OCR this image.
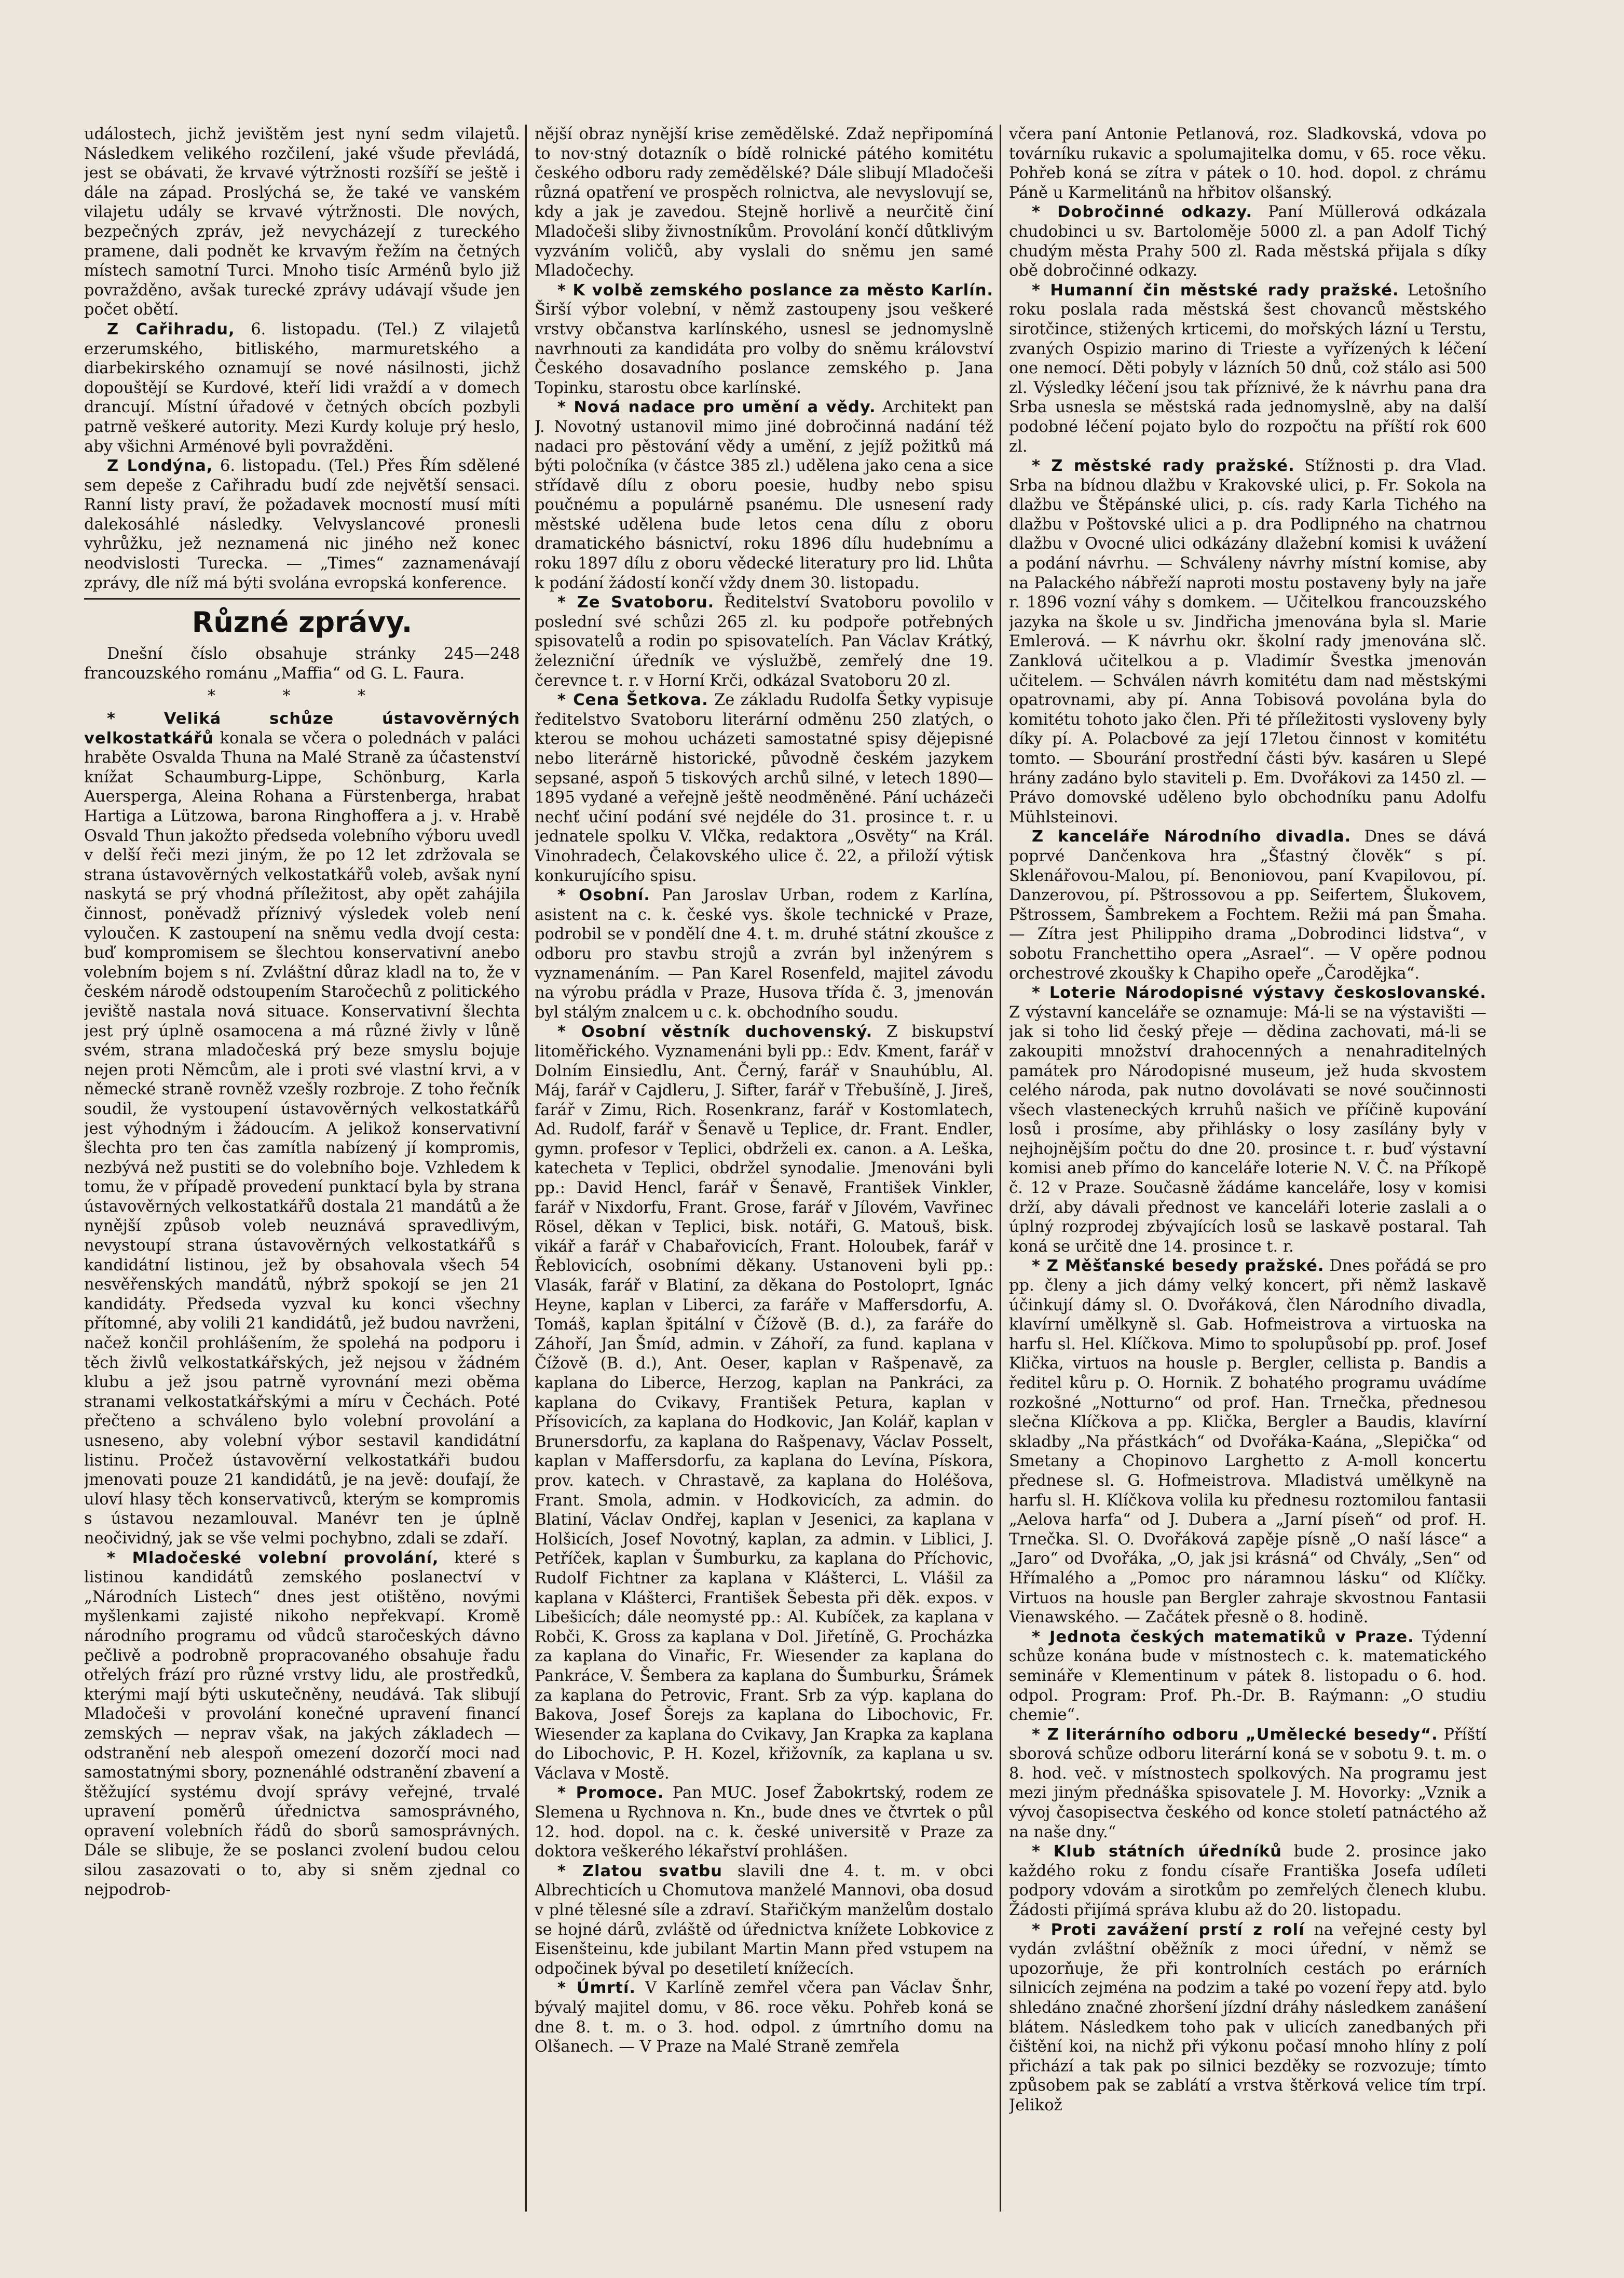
událostech, jichž jevištěm jest nyní sedm vilajetů. Následkem velikého rozčilení, jaké všude převládá, jest se obávati, že krvavé výtržnosti rozšíří se ještě i dále na západ. Proslýchá se, že také ve vanském vilajetu udály se krvavé výtržnosti. Dle nových, bezpečných zpráv, jež nevycházejí z tureckého pramene, dali podnět ke krvavým řežím na četných místech samotní Turci. Mnoho tisíc Arménů bylo již povražděno, avšak turecké zprávy udávají všude jen počet obětí.

Z Cařihradu, 6. listopadu. (Tel.) Z vilajetů erzerumského, bitliského, marmuretského a diarbekirského oznamují se nové násilnosti, jichž dopouštějí se Kurdové, kteří lidi vraždí a v domech drancují. Místní úřadové v četných obcích pozbyli patrně veškeré autority. Mezi Kurdy koluje prý heslo, aby všichni Arménové byli povražděni.

Z Londýna, 6. listopadu. (Tel.) Přes Řím sdělené sem depeše z Cařihradu budí zde největší sensaci. Ranní listy praví, že požadavek mocností musí míti dalekosáhlé následky. Velvyslancové pronesli vyhrůžku, jež neznamená nic jiného než konec neodvislosti Turecka. — „Times“ zaznamenávají zprávy, dle níž má býti svolána evropská konference.

Různé zprávy.

Dnešní číslo obsahuje stránky 245—248 francouzského románu „Maffia“ od G. L. Faura.

* * *

* Veliká schůze ústavověrných velkostatkářů konala se včera o polednách v paláci hraběte Osvalda Thuna na Malé Straně za účastenství knížat Schaumburg-Lippe, Schönburg, Karla Auersperga, Aleina Rohana a Fürstenberga, hrabat Hartiga a Lützowa, barona Ringhoffera a j. v. Hrabě Osvald Thun jakožto předseda volebního výboru uvedl v delší řeči mezi jiným, že po 12 let zdržovala se strana ústavověrných velkostatkářů voleb, avšak nyní naskytá se prý vhodná příležitost, aby opět zahájila činnost, poněvadž příznivý výsledek voleb není vyloučen. K zastoupení na sněmu vedla dvojí cesta: buď kompromisem se šlechtou konservativní anebo volebním bojem s ní. Zvláštní důraz kladl na to, že v českém národě odstoupením Staročechů z politického jeviště nastala nová situace. Konservativní šlechta jest prý úplně osamocena a má různé živly v lůně svém, strana mladočeská prý beze smyslu bojuje nejen proti Němcům, ale i proti své vlastní krvi, a v německé straně rovněž vzešly rozbroje. Z toho řečník soudil, že vystoupení ústavověrných velkostatkářů jest výhodným i žádoucím. A jelikož konservativní šlechta pro ten čas zamítla nabízený jí kompromis, nezbývá než pustiti se do volebního boje. Vzhledem k tomu, že v případě provedení punktací byla by strana ústavověrných velkostatkářů dostala 21 mandátů a že nynější způsob voleb neuznává spravedlivým, nevystoupí strana ústavověrných velkostatkářů s kandidátní listinou, jež by obsahovala všech 54 nesvěřenských mandátů, nýbrž spokojí se jen 21 kandidáty. Předseda vyzval ku konci všechny přítomné, aby volili 21 kandidátů, jež budou navrženi, načež končil prohlášením, že spolehá na podporu i těch živlů velkostatkářských, jež nejsou v žádném klubu a jež jsou patrně vyrovnání mezi oběma stranami velkostatkářskými a míru v Čechách. Poté přečteno a schváleno bylo volební provolání a usneseno, aby volební výbor sestavil kandidátní listinu. Pročež ústavověrní velkostatkáři budou jmenovati pouze 21 kandidátů, je na jevě: doufají, že uloví hlasy těch konservativců, kterým se kompromis s ústavou nezamlouval. Manévr ten je úplně neočividný, jak se vše velmi pochybno, zdali se zdaří.

* Mladočeské volební provolání, které s listinou kandidátů zemského poslanectví v „Národních Listech“ dnes jest otištěno, novými myšlenkami zajisté nikoho nepřekvapí. Kromě národního programu od vůdců staročeských dávno pečlivě a podrobně propracovaného obsahuje řadu otřelých frází pro různé vrstvy lidu, ale prostředků, kterými mají býti uskutečněny, neudává. Tak slibují Mladočeši v provolání konečné upravení financí zemských — neprav však, na jakých základech — odstranění neb alespoň omezení dozorčí moci nad samostatnými sbory, poznenáhlé odstranění zbavení a štěžující systému dvojí správy veřejné, trvalé upravení poměrů úřednictva samosprávného, opravení volebních řádů do sborů samosprávných. Dále se slibuje, že se poslanci zvolení budou celou silou zasazovati o to, aby si sněm zjednal co nejpodrob-

nější obraz nynější krise zemědělské. Zdaž nepřipomíná to nov·stný dotazník o bídě rolnické pátého komitétu českého odboru rady zemědělské? Dále slibují Mladočeši různá opatření ve prospěch rolnictva, ale nevyslovují se, kdy a jak je zavedou. Stejně horlivě a neurčitě činí Mladočeši sliby živnostníkům. Provolání končí důtklivým vyzváním voličů, aby vyslali do sněmu jen samé Mladočechy.

* K volbě zemského poslance za město Karlín. Širší výbor volební, v němž zastoupeny jsou veškeré vrstvy občanstva karlínského, usnesl se jednomyslně navrhnouti za kandidáta pro volby do sněmu království Českého dosavadního poslance zemského p. Jana Topinku, starostu obce karlínské.

* Nová nadace pro umění a vědy. Architekt pan J. Novotný ustanovil mimo jiné dobročinná nadání též nadaci pro pěstování vědy a umění, z jejíž požitků má býti poločníka (v částce 385 zl.) udělena jako cena a sice střídavě dílu z oboru poesie, hudby nebo spisu poučnému a populárně psanému. Dle usnesení rady městské udělena bude letos cena dílu z oboru dramatického básnictví, roku 1896 dílu hudebnímu a roku 1897 dílu z oboru vědecké literatury pro lid. Lhůta k podání žádostí končí vždy dnem 30. listopadu.

* Ze Svatoboru. Ředitelství Svatoboru povolilo v poslední své schůzi 265 zl. ku podpoře potřebných spisovatelů a rodin po spisovatelích. Pan Václav Krátký, železniční úředník ve výslužbě, zemřelý dne 19. čerevnce t. r. v Horní Krči, odkázal Svatoboru 20 zl.

* Cena Šetkova. Ze základu Rudolfa Šetky vypisuje ředitelstvo Svatoboru literární odměnu 250 zlatých, o kterou se mohou ucházeti samostatné spisy dějepisné nebo literárně historické, původně českém jazykem sepsané, aspoň 5 tiskových archů silné, v letech 1890—1895 vydané a veřejně ještě neodměněné. Pání ucházeči nechť učiní podání své nejdéle do 31. prosince t. r. u jednatele spolku V. Vlčka, redaktora „Osvěty“ na Král. Vinohradech, Čelakovského ulice č. 22, a přiloží výtisk konkurujícího spisu.

* Osobní. Pan Jaroslav Urban, rodem z Karlína, asistent na c. k. české vys. škole technické v Praze, podrobil se v pondělí dne 4. t. m. druhé státní zkoušce z odboru pro stavbu strojů a zvrán byl inženýrem s vyznamenáním. — Pan Karel Rosenfeld, majitel závodu na výrobu prádla v Praze, Husova třída č. 3, jmenován byl stálým znalcem u c. k. obchodního soudu.

* Osobní věstník duchovenský. Z biskupství litoměřického. Vyznamenáni byli pp.: Edv. Kment, farář v Dolním Einsiedlu, Ant. Černý, farář v Snauhúblu, Al. Máj, farář v Cajdleru, J. Sifter, farář v Třebušíně, J. Jireš, farář v Zimu, Rich. Rosenkranz, farář v Kostomlatech, Ad. Rudolf, farář v Šenavě u Teplice, dr. Frant. Endler, gymn. profesor v Teplici, obdrželi ex. canon. a A. Leška, katecheta v Teplici, obdržel synodalie. Jmenováni byli pp.: David Hencl, farář v Šenavě, František Vinkler, farář v Nixdorfu, Frant. Grose, farář v Jílovém, Vavřinec Rösel, děkan v Teplici, bisk. notáři, G. Matouš, bisk. vikář a farář v Chabařovicích, Frant. Holoubek, farář v Řeblovicích, osobními děkany. Ustanoveni byli pp.: Vlasák, farář v Blatiní, za děkana do Postoloprt, Ignác Heyne, kaplan v Liberci, za faráře v Maffersdorfu, A. Tomáš, kaplan špitální v Čížově (B. d.), za faráře do Záhoří, Jan Šmíd, admin. v Záhoří, za fund. kaplana v Čížově (B. d.), Ant. Oeser, kaplan v Rašpenavě, za kaplana do Liberce, Herzog, kaplan na Pankráci, za kaplana do Cvikavy, František Petura, kaplan v Přísovicích, za kaplana do Hodkovic, Jan Kolář, kaplan v Brunersdorfu, za kaplana do Rašpenavy, Václav Posselt, kaplan v Maffersdorfu, za kaplana do Levína, Pískora, prov. katech. v Chrastavě, za kaplana do Holéšova, Frant. Smola, admin. v Hodkovicích, za admin. do Blatiní, Václav Ondřej, kaplan v Jesenici, za kaplana v Holšicích, Josef Novotný, kaplan, za admin. v Liblici, J. Petříček, kaplan v Šumburku, za kaplana do Příchovic, Rudolf Fichtner za kaplana v Klášterci, L. Vlášil za kaplana v Klášterci, František Šebesta při děk. expos. v Libešicích; dále neomysté pp.: Al. Kubíček, za kaplana v Robči, K. Gross za kaplana v Dol. Jiřetíně, G. Procházka za kaplana do Vinařic, Fr. Wiesender za kaplana do Pankráce, V. Šembera za kaplana do Šumburku, Šrámek za kaplana do Petrovic, Frant. Srb za výp. kaplana do Bakova, Josef Šorejs za kaplana do Libochovic, Fr. Wiesender za kaplana do Cvikavy, Jan Krapka za kaplana do Libochovic, P. H. Kozel, křižovník, za kaplana u sv. Václava v Mostě.

* Promoce. Pan MUC. Josef Žabokrtský, rodem ze Slemena u Rychnova n. Kn., bude dnes ve čtvrtek o půl 12. hod. dopol. na c. k. české universitě v Praze za doktora veškerého lékařství prohlášen.

* Zlatou svatbu slavili dne 4. t. m. v obci Albrechticích u Chomutova manželé Mannovi, oba dosud v plné tělesné síle a zdraví. Stařičkým manželům dostalo se hojné dárů, zvláště od úřednictva knížete Lobkovice z Eisenšteinu, kde jubilant Martin Mann před vstupem na odpočinek býval po desetiletí knížecích.

* Úmrtí. V Karlíně zemřel včera pan Václav Šnhr, bývalý majitel domu, v 86. roce věku. Pohřeb koná se dne 8. t. m. o 3. hod. odpol. z úmrtního domu na Olšanech. — V Praze na Malé Straně zemřela

včera paní Antonie Petlanová, roz. Sladkovská, vdova po továrníku rukavic a spolumajitelka domu, v 65. roce věku. Pohřeb koná se zítra v pátek o 10. hod. dopol. z chrámu Páně u Karmelitánů na hřbitov olšanský.

* Dobročinné odkazy. Paní Müllerová odkázala chudobinci u sv. Bartoloměje 5000 zl. a pan Adolf Tichý chudým města Prahy 500 zl. Rada městská přijala s díky obě dobročinné odkazy.

* Humanní čin městské rady pražské. Letošního roku poslala rada městská šest chovanců městského sirotčince, stižených krticemi, do mořských lázní u Terstu, zvaných Ospizio marino di Trieste a vyřízených k léčení one nemocí. Děti pobyly v lázních 50 dnů, což stálo asi 500 zl. Výsledky léčení jsou tak příznivé, že k návrhu pana dra Srba usnesla se městská rada jednomyslně, aby na další podobné léčení pojato bylo do rozpočtu na příští rok 600 zl.

* Z městské rady pražské. Stížnosti p. dra Vlad. Srba na bídnou dlažbu v Krakovské ulici, p. Fr. Sokola na dlažbu ve Štěpánské ulici, p. cís. rady Karla Tichého na dlažbu v Poštovské ulici a p. dra Podlipného na chatrnou dlažbu v Ovocné ulici odkázány dlažební komisi k uvážení a podání návrhu. — Schváleny návrhy místní komise, aby na Palackého nábřeží naproti mostu postaveny byly na jaře r. 1896 vozní váhy s domkem. — Učitelkou francouzského jazyka na škole u sv. Jindřicha jmenována byla sl. Marie Emlerová. — K návrhu okr. školní rady jmenována slč. Zanklová učitelkou a p. Vladimír Švestka jmenován učitelem. — Schválen návrh komitétu dam nad městskými opatrovnami, aby pí. Anna Tobisová povolána byla do komitétu tohoto jako člen. Při té příležitosti vysloveny byly díky pí. A. Polacbové za její 17letou činnost v komitétu tomto. — Sbourání prostřední části býv. kasáren u Slepé hrány zadáno bylo staviteli p. Em. Dvořákovi za 1450 zl. — Právo domovské uděleno bylo obchodníku panu Adolfu Mühlsteinovi.

Z kanceláře Národního divadla. Dnes se dává poprvé Dančenkova hra „Šťastný člověk“ s pí. Sklenářovou-Malou, pí. Benoniovou, paní Kvapilovou, pí. Danzerovou, pí. Pštrossovou a pp. Seifertem, Šlukovem, Pštrossem, Šambrekem a Fochtem. Režii má pan Šmaha. — Zítra jest Philippiho drama „Dobrodinci lidstva“, v sobotu Franchettiho opera „Asrael“. — V opěre podnou orchestrové zkoušky k Chapiho opeře „Čarodějka“.

* Loterie Národopisné výstavy českoslovanské. Z výstavní kanceláře se oznamuje: Má-li se na výstavišti — jak si toho lid český přeje — dědina zachovati, má-li se zakoupiti množství drahocenných a nenahraditelných památek pro Národopisné museum, jež huda skvostem celého národa, pak nutno dovolávati se nové součinnosti všech vlasteneckých krruhů našich ve příčině kupování losů i prosíme, aby přihlásky o losy zasílány byly v nejhojnějším počtu do dne 20. prosince t. r. buď výstavní komisi aneb přímo do kanceláře loterie N. V. Č. na Příkopě č. 12 v Praze. Současně žádáme kanceláře, losy v komisi drží, aby dávali přednost ve kanceláři loterie zaslali a o úplný rozprodej zbývajících losů se laskavě postaral. Tah koná se určitě dne 14. prosince t. r.

* Z Měšťanské besedy pražské. Dnes pořádá se pro pp. členy a jich dámy velký koncert, při němž laskavě účinkují dámy sl. O. Dvořáková, člen Národního divadla, klavírní umělkyně sl. Gab. Hofmeistrova a virtuoska na harfu sl. Hel. Klíčkova. Mimo to spolupůsobí pp. prof. Josef Klička, virtuos na housle p. Bergler, cellista p. Bandis a ředitel kůru p. O. Hornik. Z bohatého programu uvádíme rozkošné „Notturno“ od prof. Han. Trnečka, přednesou slečna Klíčkova a pp. Klička, Bergler a Baudis, klavírní skladby „Na přástkách“ od Dvořáka-Kaána, „Slepička“ od Smetany a Chopinovo Larghetto z A-moll koncertu přednese sl. G. Hofmeistrova. Mladistvá umělkyně na harfu sl. H. Klíčkova volila ku přednesu roztomilou fantasii „Aelova harfa“ od J. Dubera a „Jarní píseň“ od prof. H. Trnečka. Sl. O. Dvořáková zapěje písně „O naší lásce“ a „Jaro“ od Dvořáka, „O, jak jsi krásná“ od Chvály, „Sen“ od Hřímalého a „Pomoc pro náramnou lásku“ od Klíčky. Virtuos na housle pan Bergler zahraje skvostnou Fantasii Vienawského. — Začátek přesně o 8. hodině.

* Jednota českých matematiků v Praze. Týdenní schůze konána bude v místnostech c. k. matematického semináře v Klementinum v pátek 8. listopadu o 6. hod. odpol. Program: Prof. Ph.-Dr. B. Raýmann: „O studiu chemie“.

* Z literárního odboru „Umělecké besedy“. Příští sborová schůze odboru literární koná se v sobotu 9. t. m. o 8. hod. več. v místnostech spolkových. Na programu jest mezi jiným přednáška spisovatele J. M. Hovorky: „Vznik a vývoj časopisectva českého od konce století patnáctého až na naše dny.“

* Klub státních úředníků bude 2. prosince jako každého roku z fondu císaře Františka Josefa udíleti podpory vdovám a sirotkům po zemřelých členech klubu. Žádosti přijímá správa klubu až do 20. listopadu.

* Proti zavážení prstí z rolí na veřejné cesty byl vydán zvláštní oběžník z moci úřední, v němž se upozorňuje, že při kontrolních cestách po erárních silnicích zejména na podzim a také po vození řepy atd. bylo shledáno značné zhoršení jízdní dráhy následkem zanášení blátem. Následkem toho pak v ulicích zanedbaných při čištění koi, na nichž při výkonu počasí mnoho hlíny z polí přichází a tak pak po silnici bezděky se rozvozuje; tímto způsobem pak se zablátí a vrstva štěrková velice tím trpí. Jelikož
